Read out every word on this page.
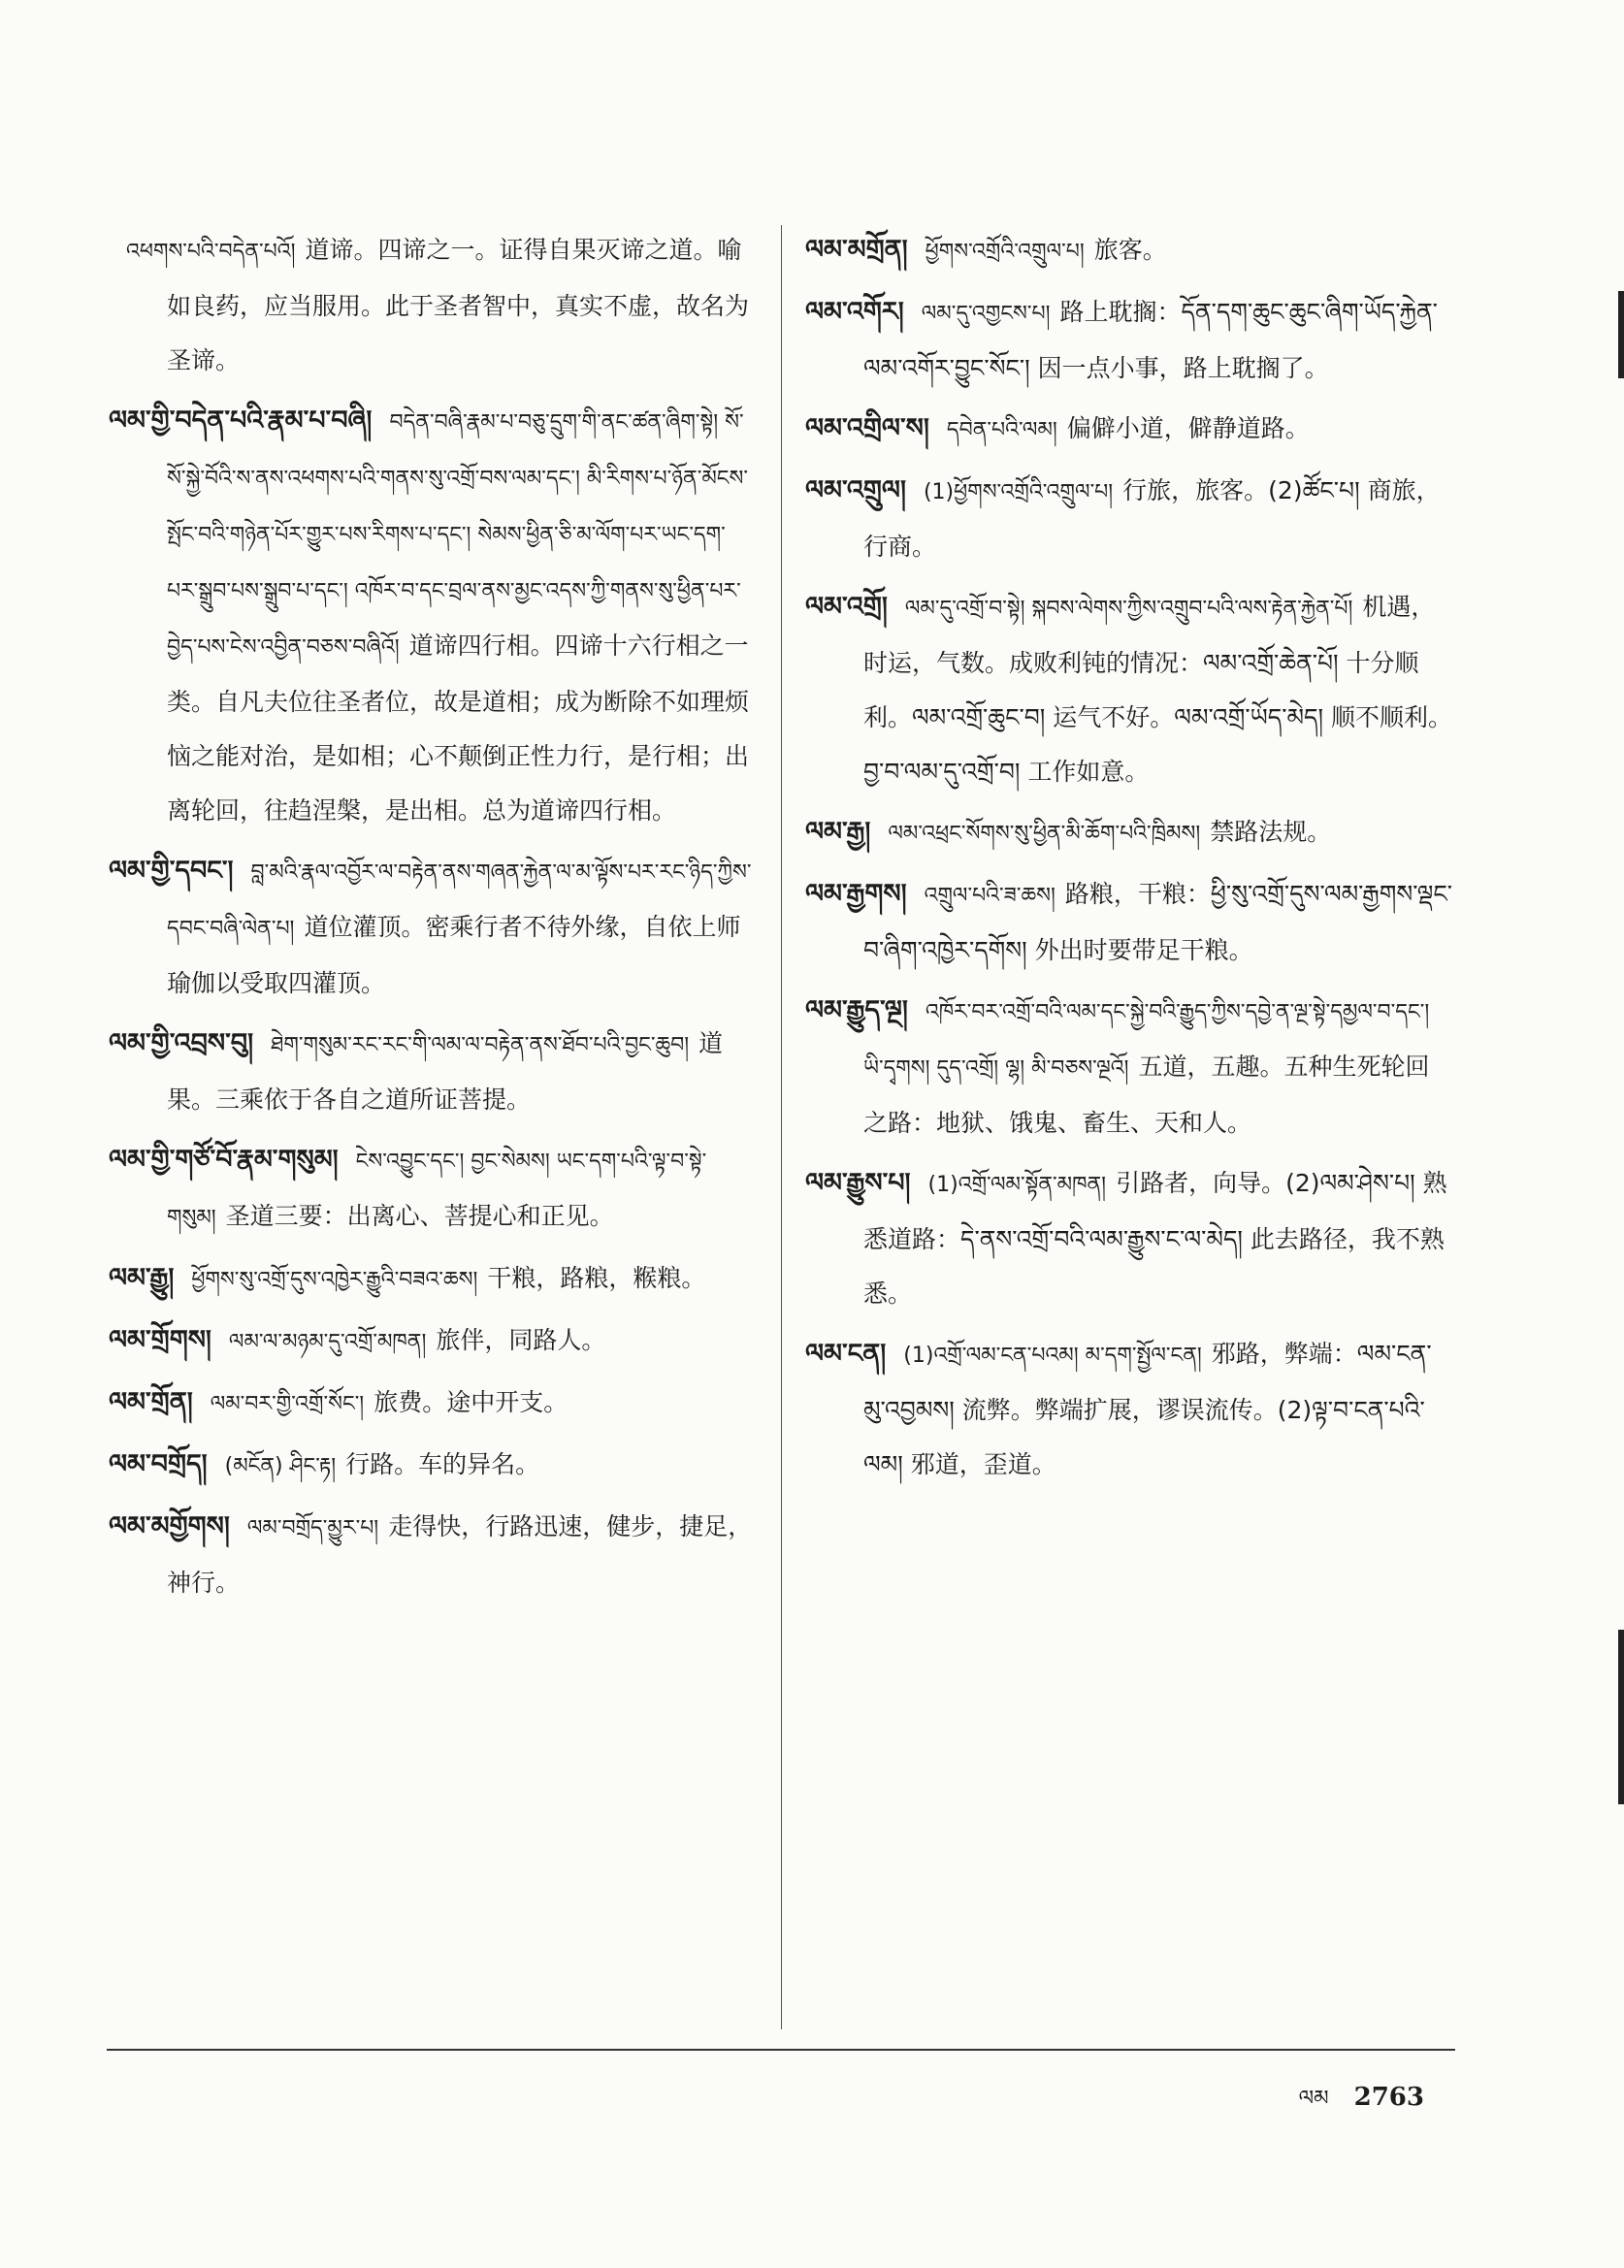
འཕགས་པའི་བདེན་པའོ། 道谛。四谛之一。证得自果灭谛之道。喻如良药，应当服用。此于圣者智中，真实不虚，故名为圣谛。

ལམ་གྱི་བདེན་པའི་རྣམ་པ་བཞི། བདེན་བཞི་རྣམ་པ་བཅུ་དྲུག་གི་ནང་ཚན་ཞིག་སྟེ། སོ་སོ་སྐྱེ་བོའི་ས་ནས་འཕགས་པའི་གནས་སུ་འགྲོ་བས་ལམ་དང་། མི་རིགས་པ་ཉོན་མོངས་སྤོང་བའི་གཉེན་པོར་གྱུར་པས་རིགས་པ་དང་། སེམས་ཕྱིན་ཅི་མ་ལོག་པར་ཡང་དག་པར་སྒྲུབ་པས་སྒྲུབ་པ་དང་། འཁོར་བ་དང་བྲལ་ནས་མྱང་འདས་ཀྱི་གནས་སུ་ཕྱིན་པར་བྱེད་པས་ངེས་འབྱིན་བཅས་བཞིའོ། 道谛四行相。四谛十六行相之一类。自凡夫位往圣者位，故是道相；成为断除不如理烦恼之能对治，是如相；心不颠倒正性力行，是行相；出离轮回，往趋涅槃，是出相。总为道谛四行相。

ལམ་གྱི་དབང་། བླ་མའི་རྣལ་འབྱོར་ལ་བརྟེན་ནས་གཞན་རྐྱེན་ལ་མ་ལྟོས་པར་རང་ཉིད་ཀྱིས་དབང་བཞི་ལེན་པ། 道位灌顶。密乘行者不待外缘，自依上师瑜伽以受取四灌顶。

ལམ་གྱི་འབྲས་བུ། ཐེག་གསུམ་རང་རང་གི་ལམ་ལ་བརྟེན་ནས་ཐོབ་པའི་བྱང་ཆུབ། 道果。三乘依于各自之道所证菩提。

ལམ་གྱི་གཙོ་བོ་རྣམ་གསུམ། ངེས་འབྱུང་དང་། བྱང་སེམས། ཡང་དག་པའི་ལྟ་བ་སྟེ་གསུམ། 圣道三要：出离心、菩提心和正见。

ལམ་རྒྱུ། ཕྱོགས་སུ་འགྲོ་དུས་འཁྱེར་རྒྱུའི་བཟའ་ཆས། 干粮，路粮，糇粮。

ལམ་གྲོགས། ལམ་ལ་མཉམ་དུ་འགྲོ་མཁན། 旅伴，同路人。

ལམ་གྲོན། ལམ་བར་གྱི་འགྲོ་སོང་། 旅费。途中开支。

ལམ་བགྲོད། (མངོན) ཤིང་རྟ། 行路。车的异名。

ལམ་མགྱོགས། ལམ་བགྲོད་མྱུར་པ། 走得快，行路迅速，健步，捷足，神行。

ལམ་མགྲོན། ཕྱོགས་འགྲོའི་འགྲུལ་པ། 旅客。

ལམ་འགོར། ལམ་དུ་འགྱངས་པ། 路上耽搁：དོན་དག་ཆུང་ཆུང་ཞིག་ཡོད་རྐྱེན་ལམ་འགོར་བྱུང་སོང་། 因一点小事，路上耽搁了。

ལམ་འགྲིལ་ས། དབེན་པའི་ལམ། 偏僻小道，僻静道路。

ལམ་འགྲུལ། (1)ཕྱོགས་འགྲོའི་འགྲུལ་པ། 行旅，旅客。(2)ཚོང་པ། 商旅，行商。

ལམ་འགྲོ། ལམ་དུ་འགྲོ་བ་སྟེ། སྐབས་ལེགས་ཀྱིས་འགྲུབ་པའི་ལས་རྟེན་རྐྱེན་པོ། 机遇，时运，气数。成败利钝的情况：ལམ་འགྲོ་ཆེན་པོ། 十分顺利。ལམ་འགྲོ་ཆུང་བ། 运气不好。ལམ་འགྲོ་ཡོད་མེད། 顺不顺利。བྱ་བ་ལམ་དུ་འགྲོ་བ། 工作如意。

ལམ་རྒྱ། ལམ་འཕྲང་སོགས་སུ་ཕྱིན་མི་ཆོག་པའི་ཁྲིམས། 禁路法规。

ལམ་རྒྱགས། འགྲུལ་པའི་ཟ་ཆས། 路粮，干粮：ཕྱི་སུ་འགྲོ་དུས་ལམ་རྒྱགས་ལྡང་བ་ཞིག་འཁྱེར་དགོས། 外出时要带足干粮。

ལམ་རྒྱུད་ལྔ། འཁོར་བར་འགྲོ་བའི་ལམ་དང་སྐྱེ་བའི་རྒྱུད་ཀྱིས་དབྱེ་ན་ལྔ་སྟེ་དམྱལ་བ་དང་། ཡི་དྭགས། དུད་འགྲོ། ལྷ། མི་བཅས་ལྔའོ། 五道，五趣。五种生死轮回之路：地狱、饿鬼、畜生、天和人。

ལམ་རྒྱུས་པ། (1)འགྲོ་ལམ་སྟོན་མཁན། 引路者，向导。(2)ལམ་ཤེས་པ། 熟悉道路：དེ་ནས་འགྲོ་བའི་ལམ་རྒྱུས་ང་ལ་མེད། 此去路径，我不熟悉。

ལམ་ངན། (1)འགྲོ་ལམ་ངན་པའམ། མ་དག་སྤྱོལ་ངན། 邪路，弊端：ལམ་ངན་མུ་འབྱམས། 流弊。弊端扩展，谬误流传。(2)ལྟ་བ་ངན་པའི་ལམ། 邪道，歪道。

ལམ 2763
